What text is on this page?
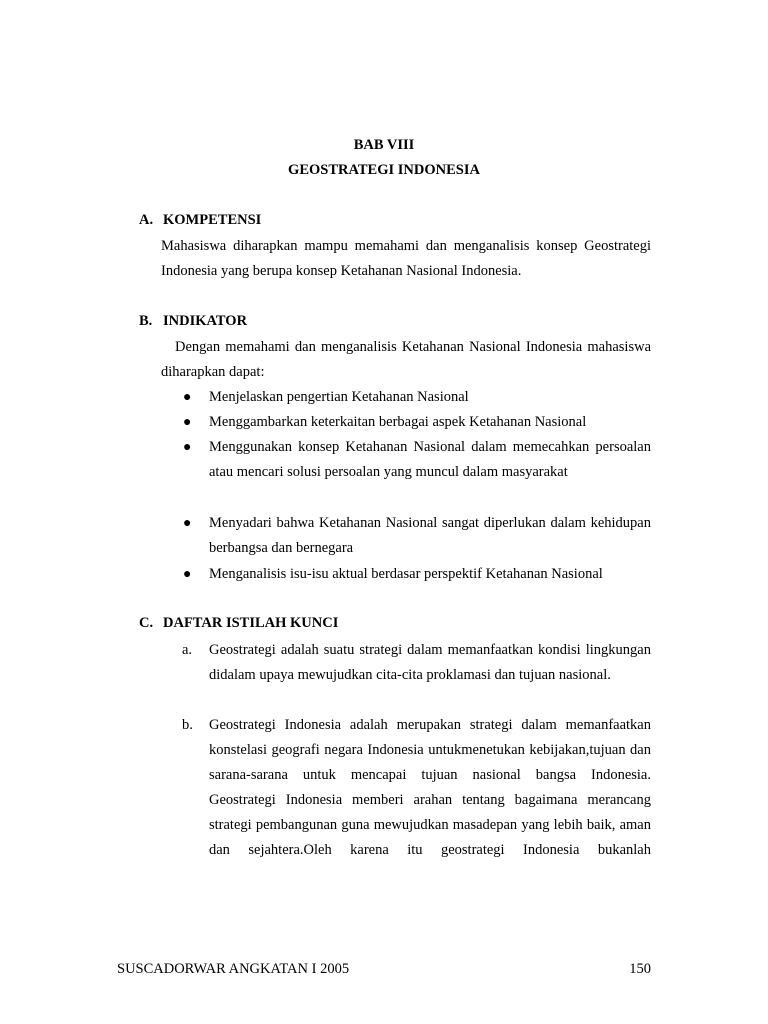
BAB VIII
GEOSTRATEGI INDONESIA
A. KOMPETENSI
Mahasiswa diharapkan mampu memahami dan menganalisis konsep Geostrategi Indonesia yang berupa konsep Ketahanan Nasional Indonesia.
B. INDIKATOR
Dengan memahami dan menganalisis Ketahanan Nasional Indonesia mahasiswa diharapkan dapat:
● Menjelaskan pengertian Ketahanan Nasional
● Menggambarkan keterkaitan berbagai aspek Ketahanan Nasional
● Menggunakan konsep Ketahanan Nasional dalam memecahkan persoalan atau mencari solusi persoalan yang muncul dalam masyarakat
● Menyadari bahwa Ketahanan Nasional sangat diperlukan dalam kehidupan berbangsa dan bernegara
● Menganalisis isu-isu aktual berdasar perspektif Ketahanan Nasional
C. DAFTAR ISTILAH KUNCI
a. Geostrategi adalah suatu strategi dalam memanfaatkan kondisi lingkungan didalam upaya mewujudkan cita-cita proklamasi dan tujuan nasional.
b. Geostrategi Indonesia adalah merupakan strategi dalam memanfaatkan konstelasi geografi negara Indonesia untukmenetukan kebijakan,tujuan dan sarana-sarana untuk mencapai tujuan nasional bangsa Indonesia. Geostrategi Indonesia memberi arahan tentang bagaimana merancang strategi pembangunan guna mewujudkan masadepan yang lebih baik, aman dan sejahtera.Oleh karena itu geostrategi Indonesia bukanlah
SUSCADORWAR ANGKATAN I 2005	150
